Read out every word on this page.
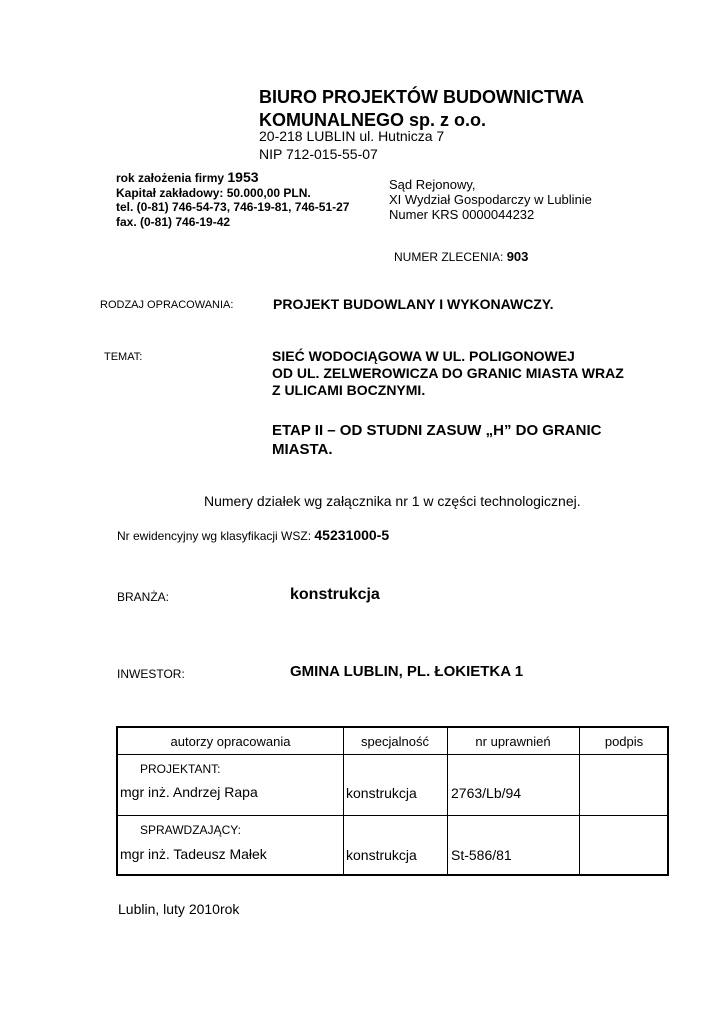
BIURO PROJEKTÓW BUDOWNICTWA
KOMUNALNEGO sp. z o.o.
20-218 LUBLIN ul. Hutnicza 7
NIP 712-015-55-07
rok założenia firmy 1953
Kapitał zakładowy: 50.000,00 PLN.
tel. (0-81) 746-54-73, 746-19-81, 746-51-27
fax. (0-81) 746-19-42
Sąd Rejonowy,
XI Wydział Gospodarczy w Lublinie
Numer KRS 0000044232
NUMER ZLECENIA: 903
RODZAJ OPRACOWANIA:	PROJEKT BUDOWLANY I WYKONAWCZY.
TEMAT:	SIEĆ WODOCIĄGOWA W UL. POLIGONOWEJ
OD UL. ZELWEROWICZA DO GRANIC MIASTA WRAZ
Z ULICAMI BOCZNYMI.
ETAP II – OD STUDNI ZASUW „H” DO GRANIC
MIASTA.
Numery działek wg załącznika nr 1 w części technologicznej.
Nr ewidencyjny wg klasyfikacji WSZ: 45231000-5
BRANŻA:	konstrukcja
INWESTOR:	GMINA LUBLIN, PL. ŁOKIETKA 1
autorzy opracowania	specjalność	nr uprawnień	podpis
PROJEKTANT:
mgr inż. Andrzej Rapa	konstrukcja 2763/Lb/94
SPRAWDZAJĄCY:
mgr inż. Tadeusz Małek	konstrukcja St-586/81
Lublin, luty 2010rok
